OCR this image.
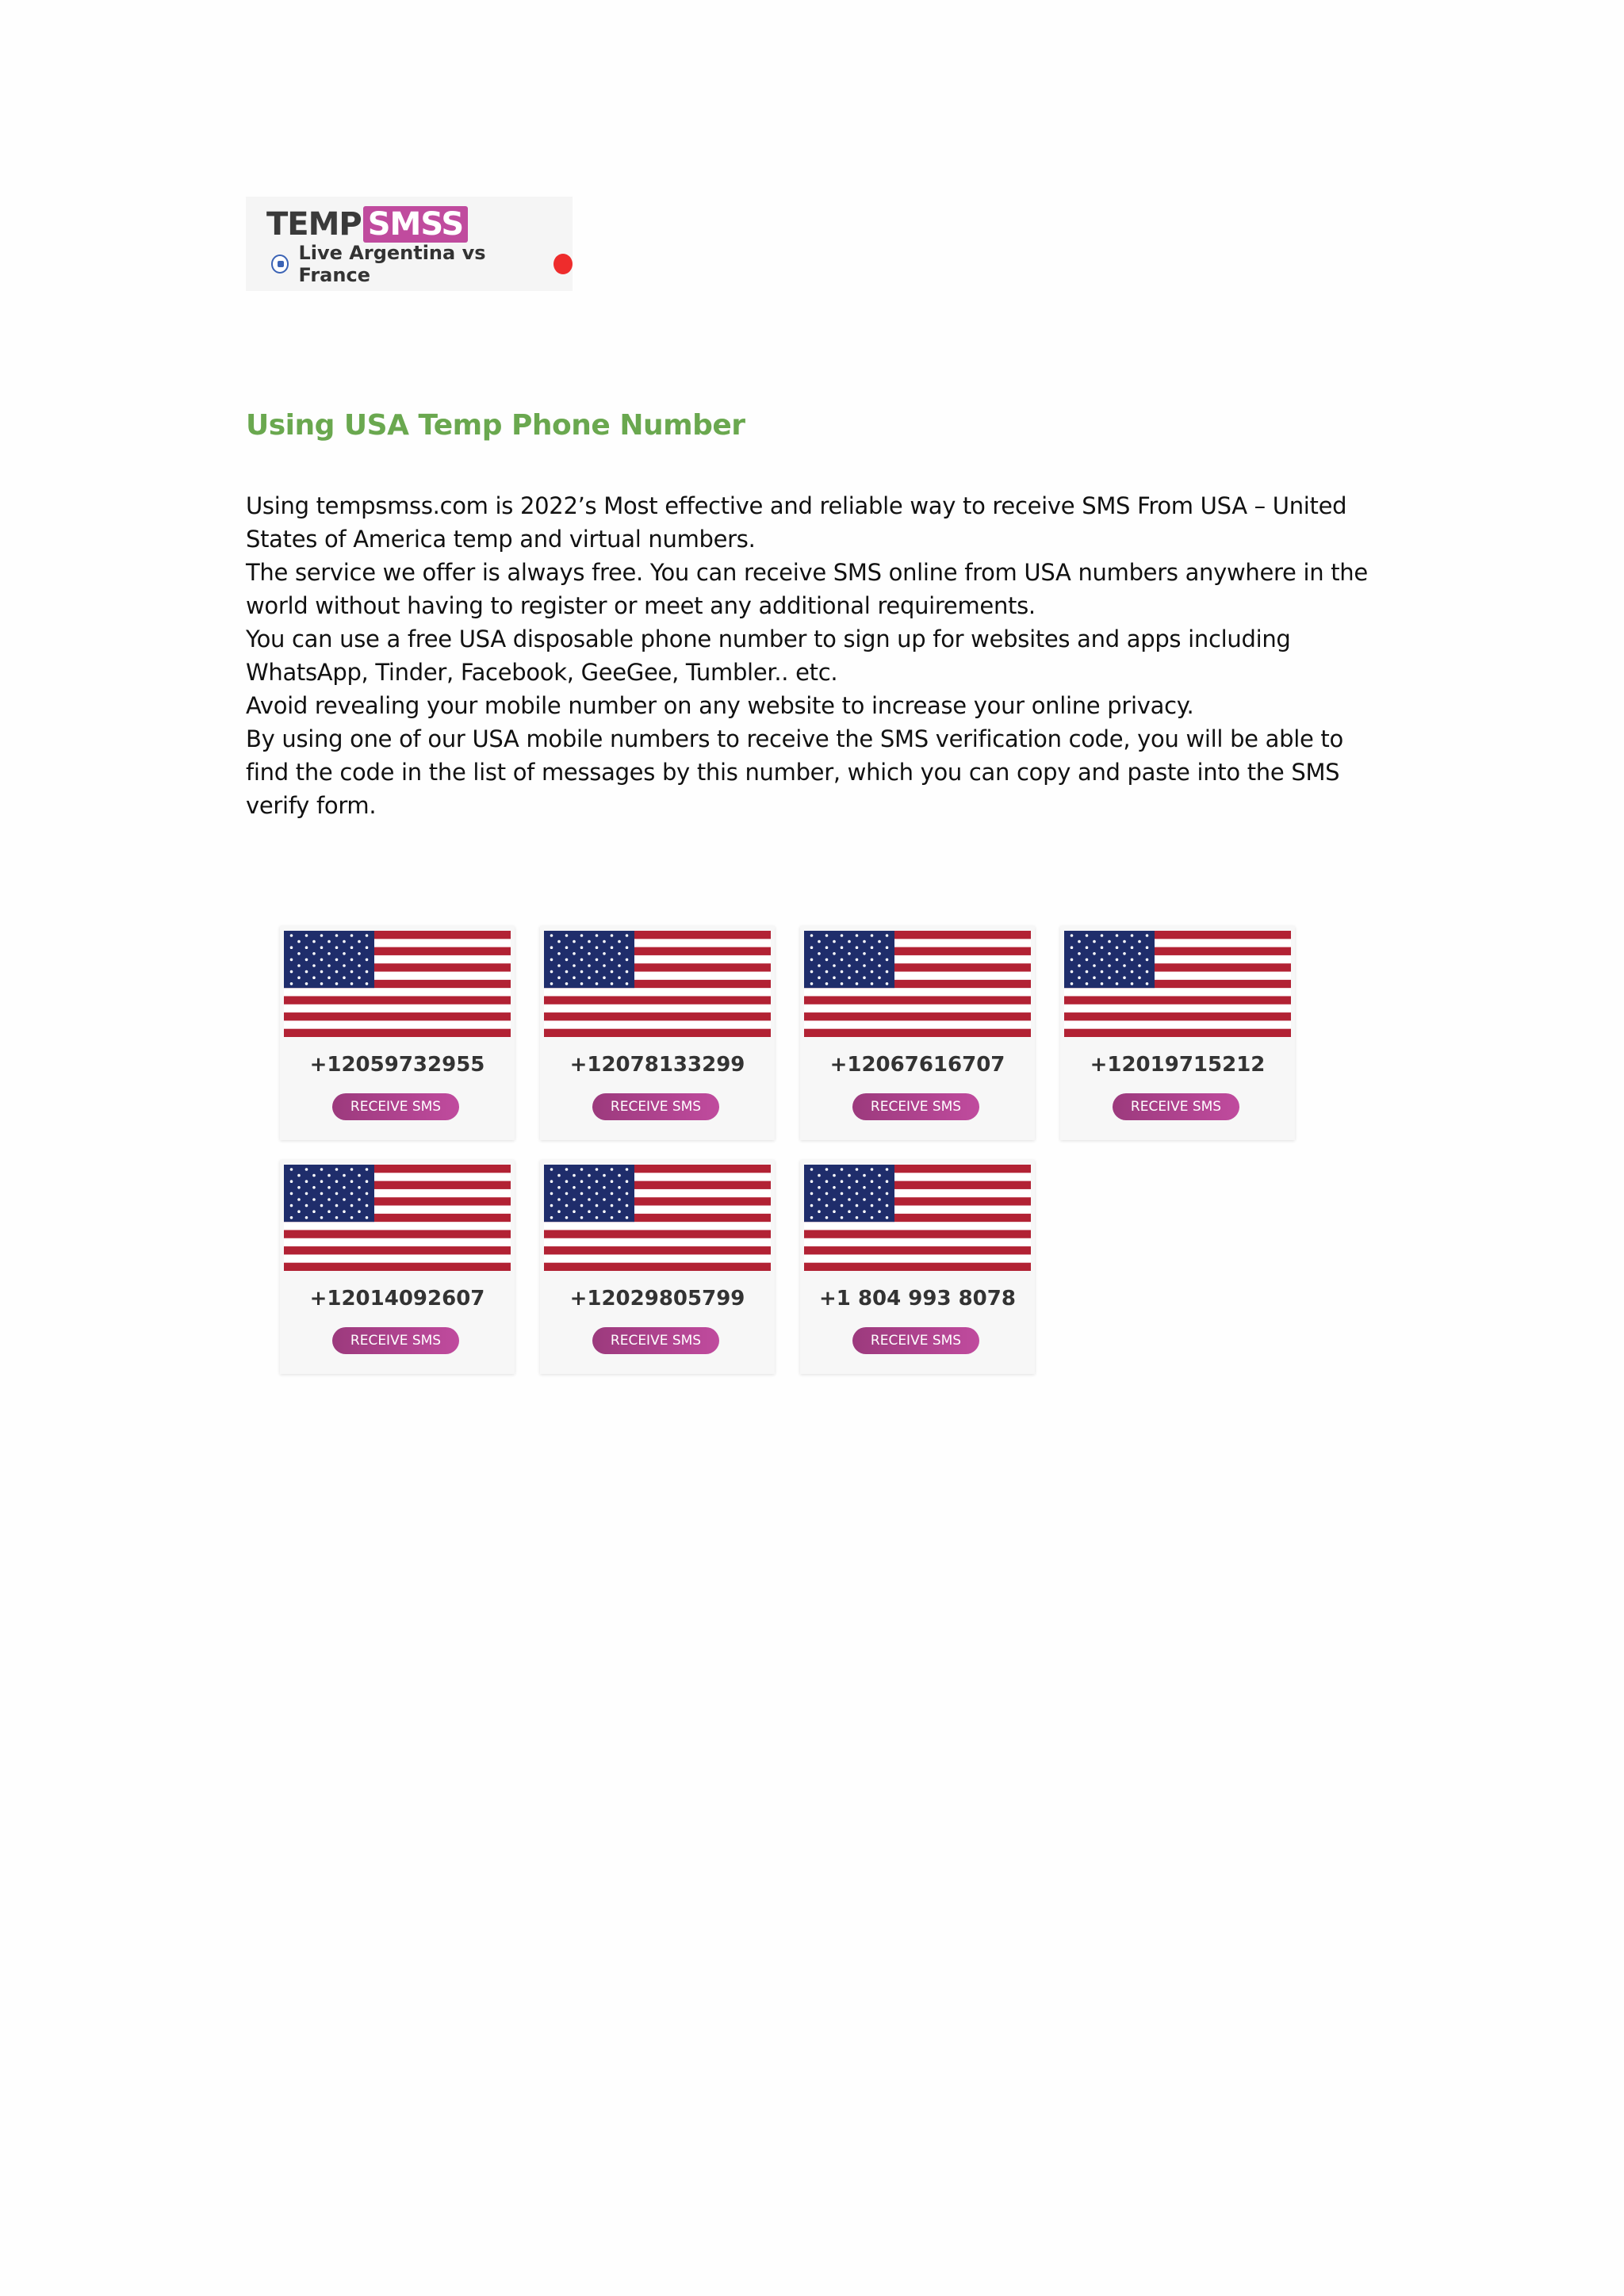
TEMP SMSS
Live Argentina vs France
Using USA Temp Phone Number

Using tempsmss.com is 2022’s Most effective and reliable way to receive SMS From USA – United States of America temp and virtual numbers.

The service we offer is always free. You can receive SMS online from USA numbers anywhere in the world without having to register or meet any additional requirements.

You can use a free USA disposable phone number to sign up for websites and apps including WhatsApp, Tinder, Facebook, GeeGee, Tumbler.. etc.

Avoid revealing your mobile number on any website to increase your online privacy.

By using one of our USA mobile numbers to receive the SMS verification code, you will be able to find the code in the list of messages by this number, which you can copy and paste into the SMS verify form.

+12059732955
RECEIVE SMS
+12078133299
RECEIVE SMS
+12067616707
RECEIVE SMS
+12019715212
RECEIVE SMS
+12014092607
RECEIVE SMS
+12029805799
RECEIVE SMS
+1 804 993 8078
RECEIVE SMS
